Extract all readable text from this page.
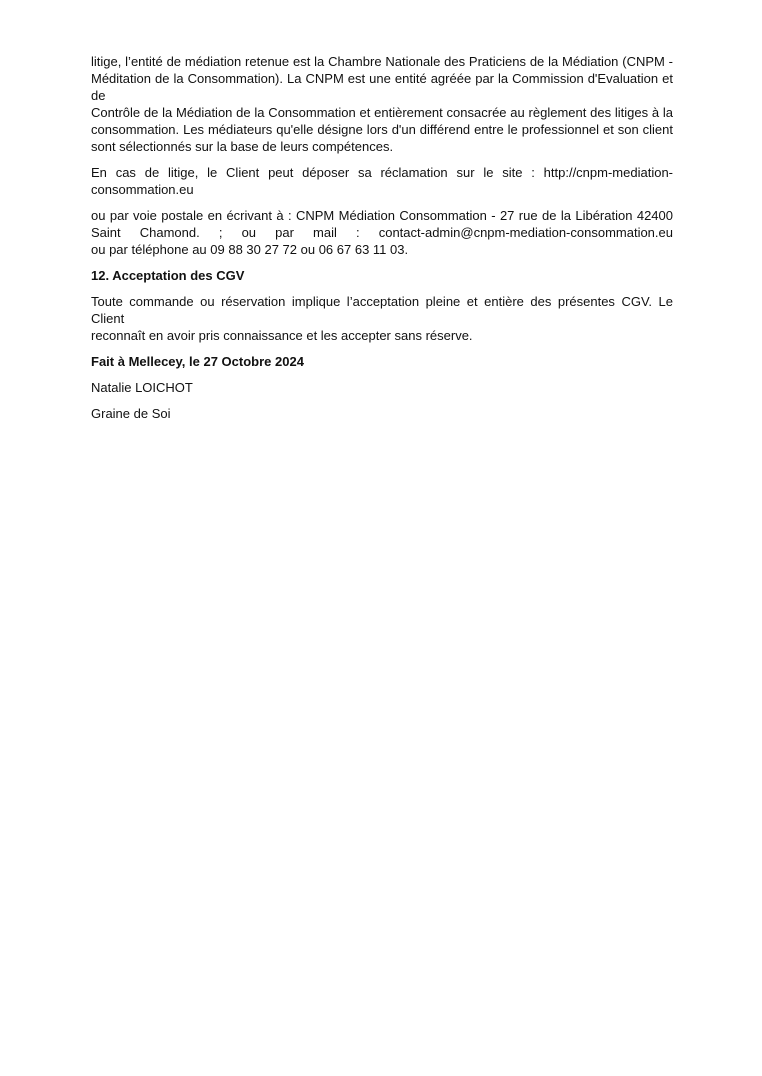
litige, l’entité de médiation retenue est la Chambre Nationale des Praticiens de la Médiation (CNPM -
Méditation de la Consommation). La CNPM est une entité agréée par la Commission d'Evaluation et de
Contrôle de la Médiation de la Consommation et entièrement consacrée au règlement des litiges à la
consommation. Les médiateurs qu'elle désigne lors d'un différend entre le professionnel et son client
sont sélectionnés sur la base de leurs compétences.
En cas de litige, le Client peut déposer sa réclamation sur le site : http://cnpm-mediation-
consommation.eu
ou par voie postale en écrivant à : CNPM Médiation Consommation - 27 rue de la Libération 42400
Saint Chamond. ; ou par mail : contact-admin@cnpm-mediation-consommation.eu
ou par téléphone au 09 88 30 27 72 ou 06 67 63 11 03.
12. Acceptation des CGV
Toute commande ou réservation implique l’acceptation pleine et entière des présentes CGV. Le Client
reconnaît en avoir pris connaissance et les accepter sans réserve.
Fait à Mellecey, le 27 Octobre 2024
Natalie LOICHOT
Graine de Soi
